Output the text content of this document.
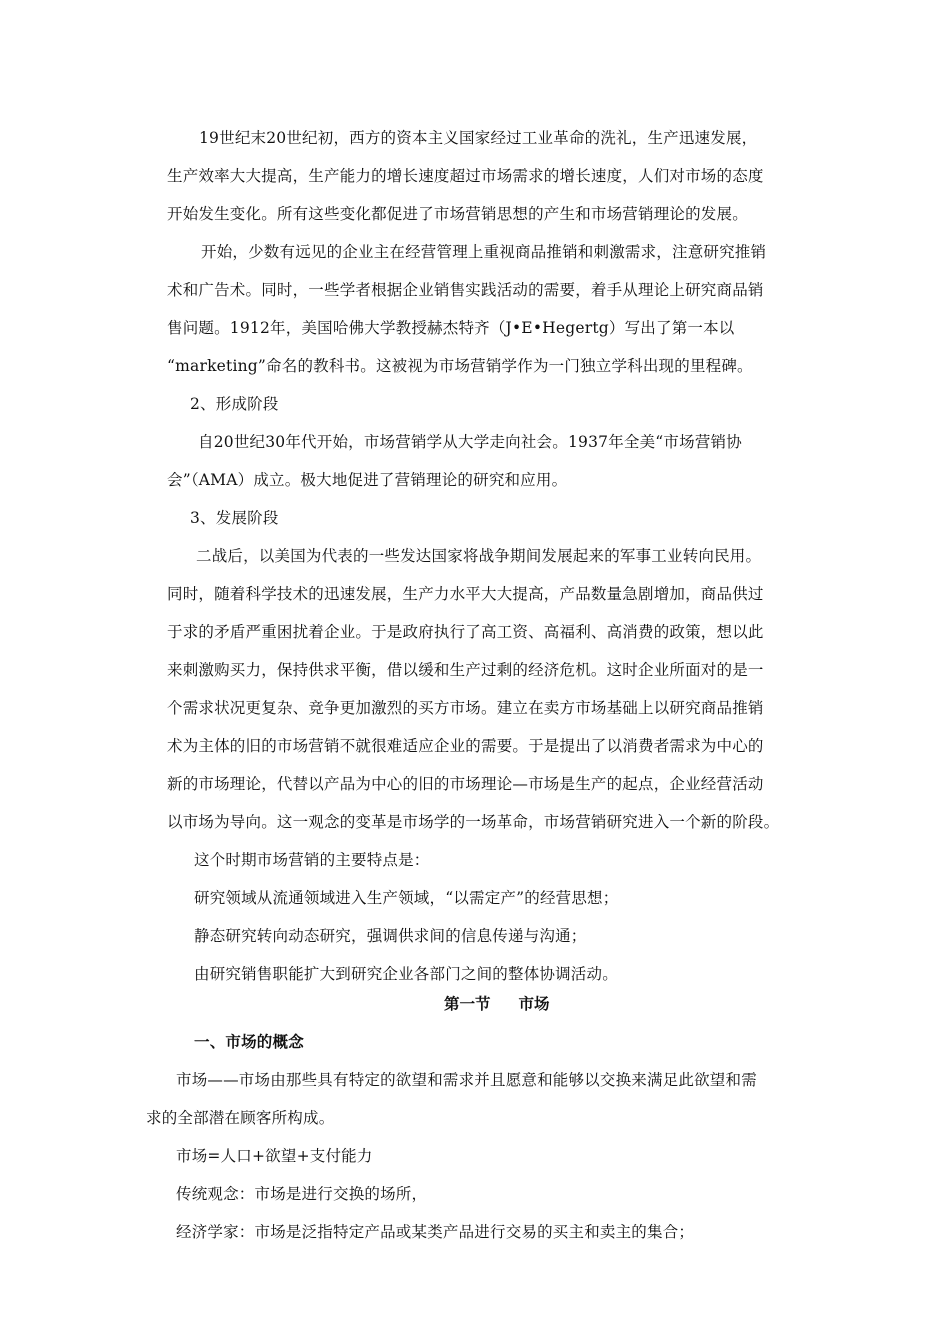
19世纪末20世纪初，西方的资本主义国家经过工业革命的洗礼，生产迅速发展，
生产效率大大提高，生产能力的增长速度超过市场需求的增长速度，人们对市场的态度
开始发生变化。所有这些变化都促进了市场营销思想的产生和市场营销理论的发展。
开始，少数有远见的企业主在经营管理上重视商品推销和刺激需求，注意研究推销
术和广告术。同时，一些学者根据企业销售实践活动的需要，着手从理论上研究商品销
售问题。1912年，美国哈佛大学教授赫杰特齐（J•E•Hegertg）写出了第一本以
“marketing”命名的教科书。这被视为市场营销学作为一门独立学科出现的里程碑。
2、形成阶段
自20世纪30年代开始，市场营销学从大学走向社会。1937年全美“市场营销协
会”（AMA）成立。极大地促进了营销理论的研究和应用。
3、发展阶段
二战后，以美国为代表的一些发达国家将战争期间发展起来的军事工业转向民用。
同时，随着科学技术的迅速发展，生产力水平大大提高，产品数量急剧增加，商品供过
于求的矛盾严重困扰着企业。于是政府执行了高工资、高福利、高消费的政策，想以此
来刺激购买力，保持供求平衡，借以缓和生产过剩的经济危机。这时企业所面对的是一
个需求状况更复杂、竞争更加激烈的买方市场。建立在卖方市场基础上以研究商品推销
术为主体的旧的市场营销不就很难适应企业的需要。于是提出了以消费者需求为中心的
新的市场理论，代替以产品为中心的旧的市场理论—市场是生产的起点，企业经营活动
以市场为导向。这一观念的变革是市场学的一场革命，市场营销研究进入一个新的阶段。
这个时期市场营销的主要特点是：
研究领域从流通领域进入生产领域，“以需定产”的经营思想；
静态研究转向动态研究，强调供求间的信息传递与沟通；
由研究销售职能扩大到研究企业各部门之间的整体协调活动。
第一节 市场
一、市场的概念
市场——市场由那些具有特定的欲望和需求并且愿意和能够以交换来满足此欲望和需
求的全部潜在顾客所构成。
市场=人口+欲望+支付能力
传统观念：市场是进行交换的场所，
经济学家：市场是泛指特定产品或某类产品进行交易的买主和卖主的集合；
